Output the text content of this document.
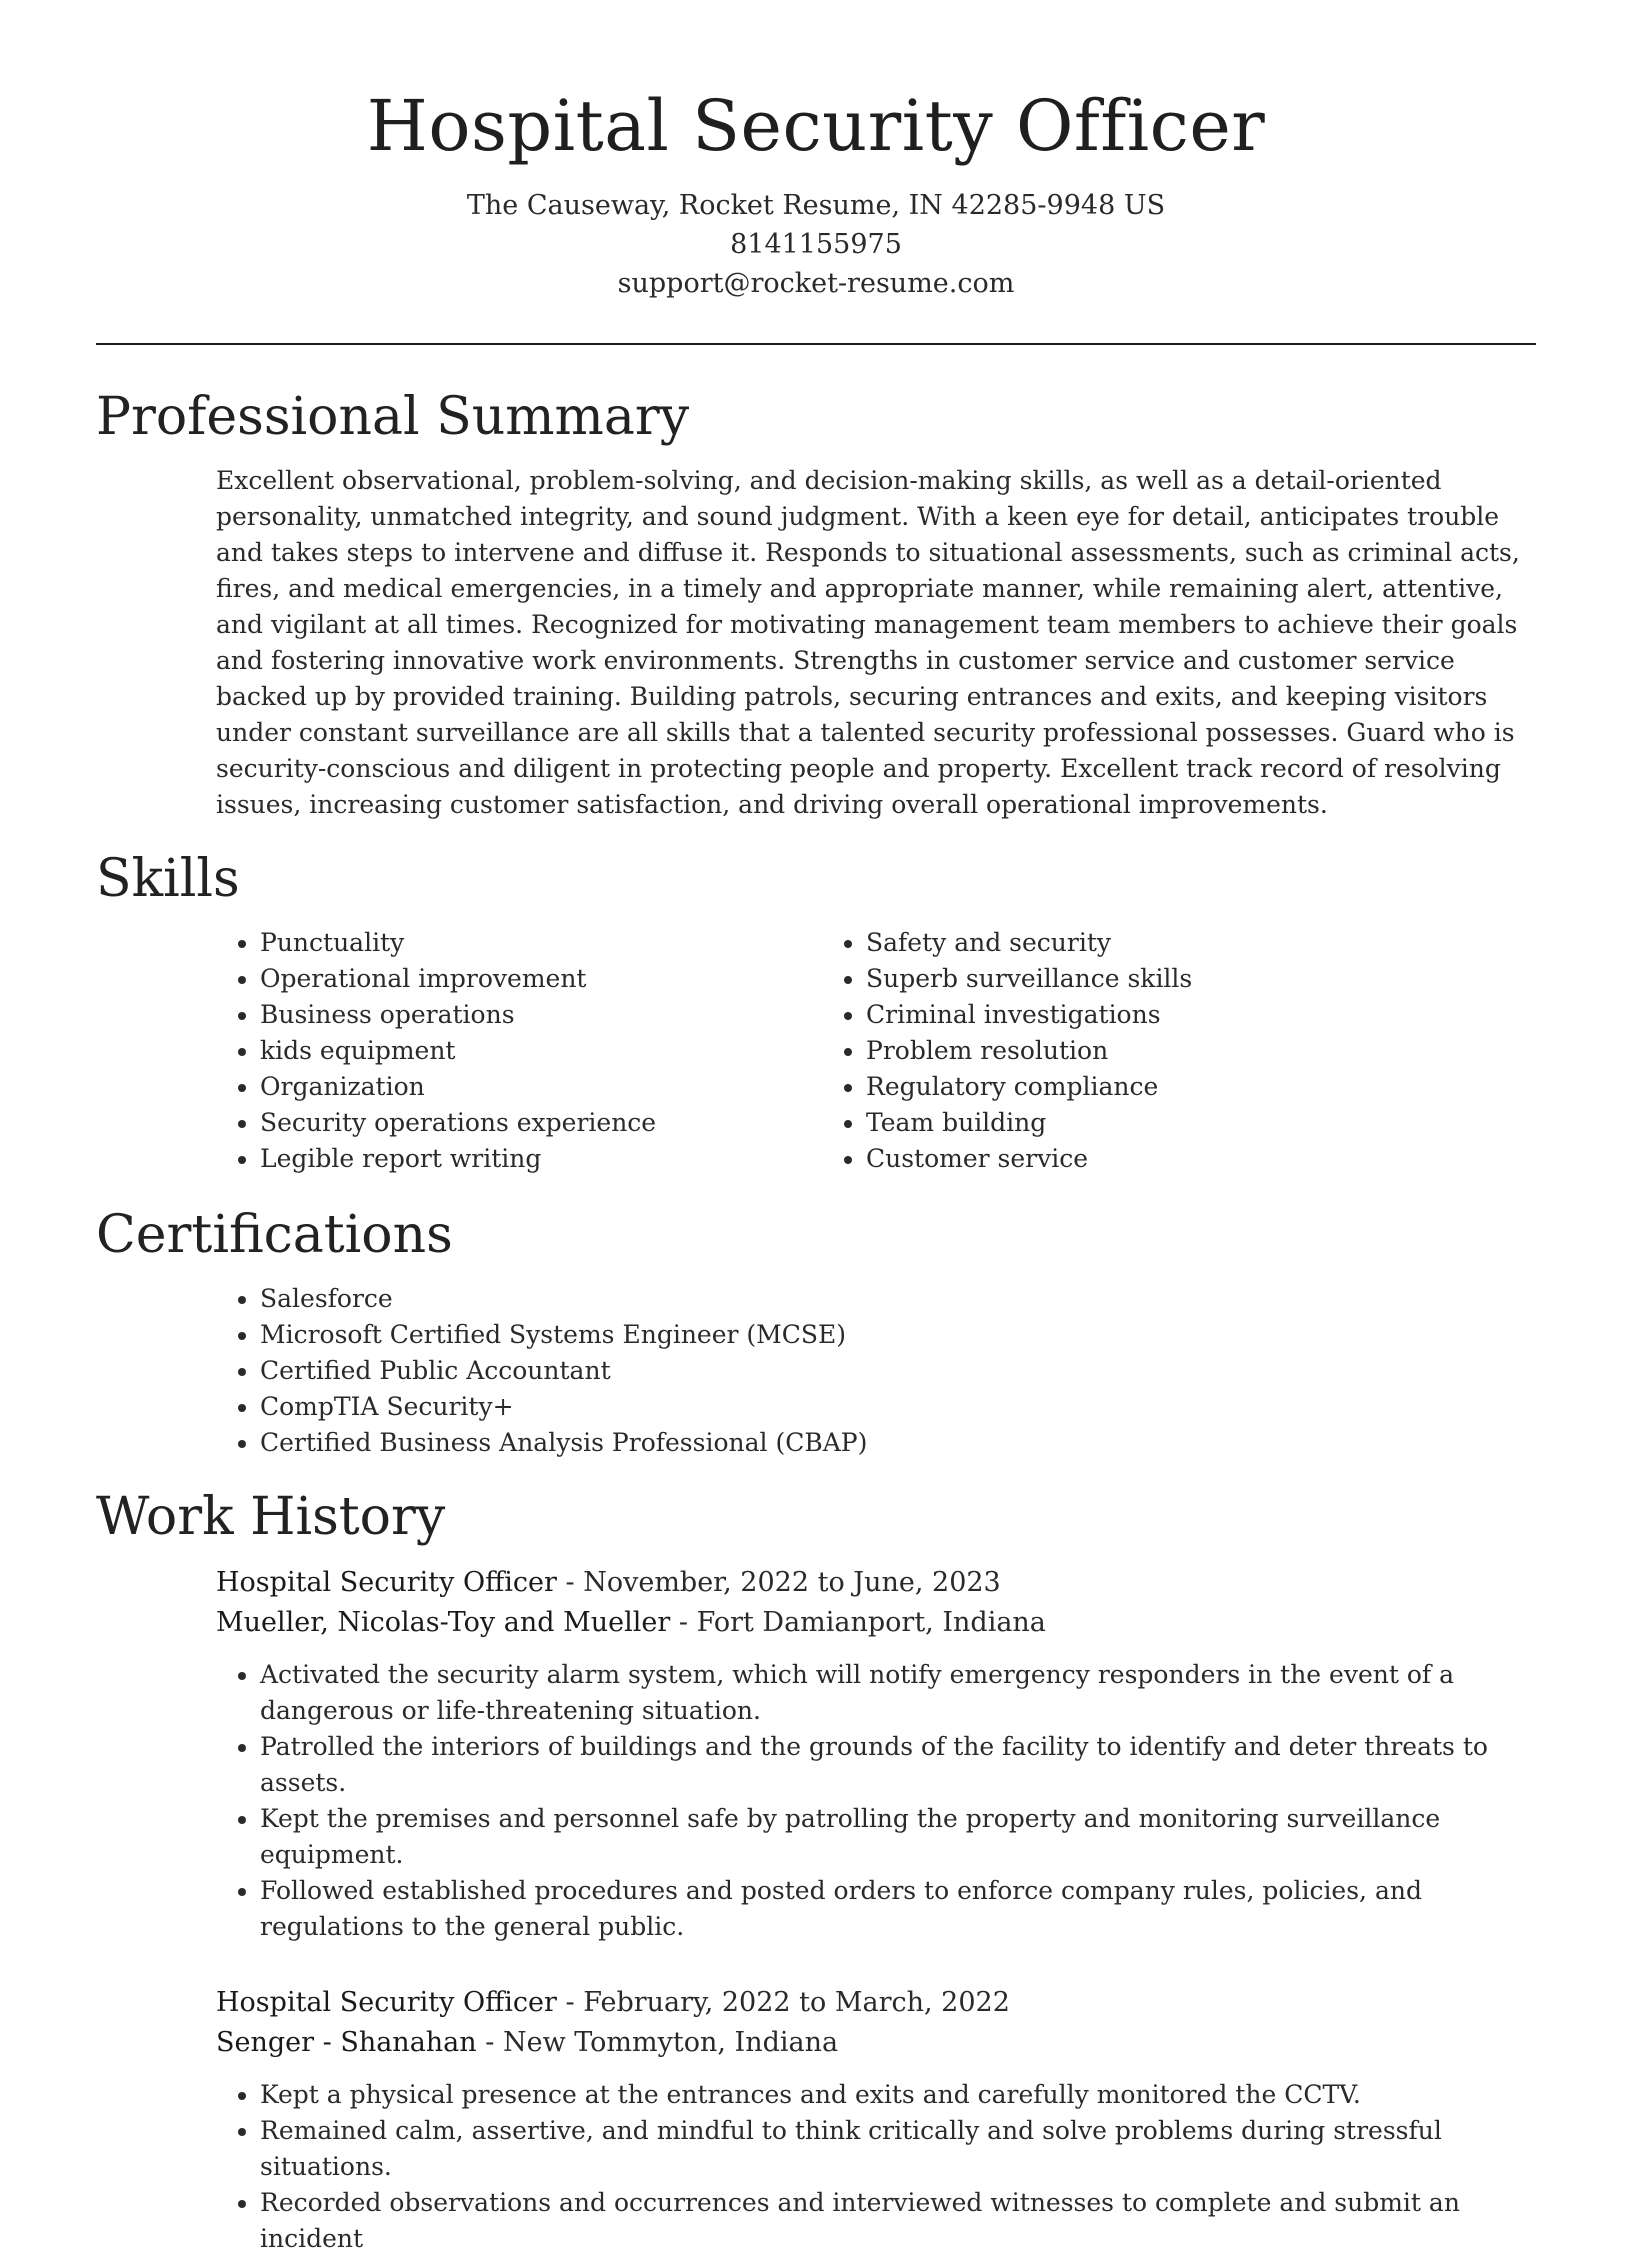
Hospital Security Officer
The Causeway, Rocket Resume, IN 42285-9948 US
8141155975
support@rocket-resume.com
Professional Summary

Excellent observational, problem-solving, and decision-making skills, as well as a detail-oriented personality, unmatched integrity, and sound judgment. With a keen eye for detail, anticipates trouble and takes steps to intervene and diffuse it. Responds to situational assessments, such as criminal acts, fires, and medical emergencies, in a timely and appropriate manner, while remaining alert, attentive, and vigilant at all times. Recognized for motivating management team members to achieve their goals and fostering innovative work environments. Strengths in customer service and customer service backed up by provided training. Building patrols, securing entrances and exits, and keeping visitors under constant surveillance are all skills that a talented security professional possesses. Guard who is security-conscious and diligent in protecting people and property. Excellent track record of resolving issues, increasing customer satisfaction, and driving overall operational improvements.

Skills
• Punctuality
• Operational improvement
• Business operations
• kids equipment
• Organization
• Security operations experience
• Legible report writing
• Safety and security
• Superb surveillance skills
• Criminal investigations
• Problem resolution
• Regulatory compliance
• Team building
• Customer service
Certifications
• Salesforce
• Microsoft Certified Systems Engineer (MCSE)
• Certified Public Accountant
• CompTIA Security+
• Certified Business Analysis Professional (CBAP)
Work History
Hospital Security Officer - November, 2022 to June, 2023
Mueller, Nicolas-Toy and Mueller - Fort Damianport, Indiana
• Activated the security alarm system, which will notify emergency responders in the event of a dangerous or life-threatening situation.
• Patrolled the interiors of buildings and the grounds of the facility to identify and deter threats to assets.
• Kept the premises and personnel safe by patrolling the property and monitoring surveillance equipment.
• Followed established procedures and posted orders to enforce company rules, policies, and regulations to the general public.
Hospital Security Officer - February, 2022 to March, 2022
Senger - Shanahan - New Tommyton, Indiana
• Kept a physical presence at the entrances and exits and carefully monitored the CCTV.
• Remained calm, assertive, and mindful to think critically and solve problems during stressful situations.
• Recorded observations and occurrences and interviewed witnesses to complete and submit an incident
